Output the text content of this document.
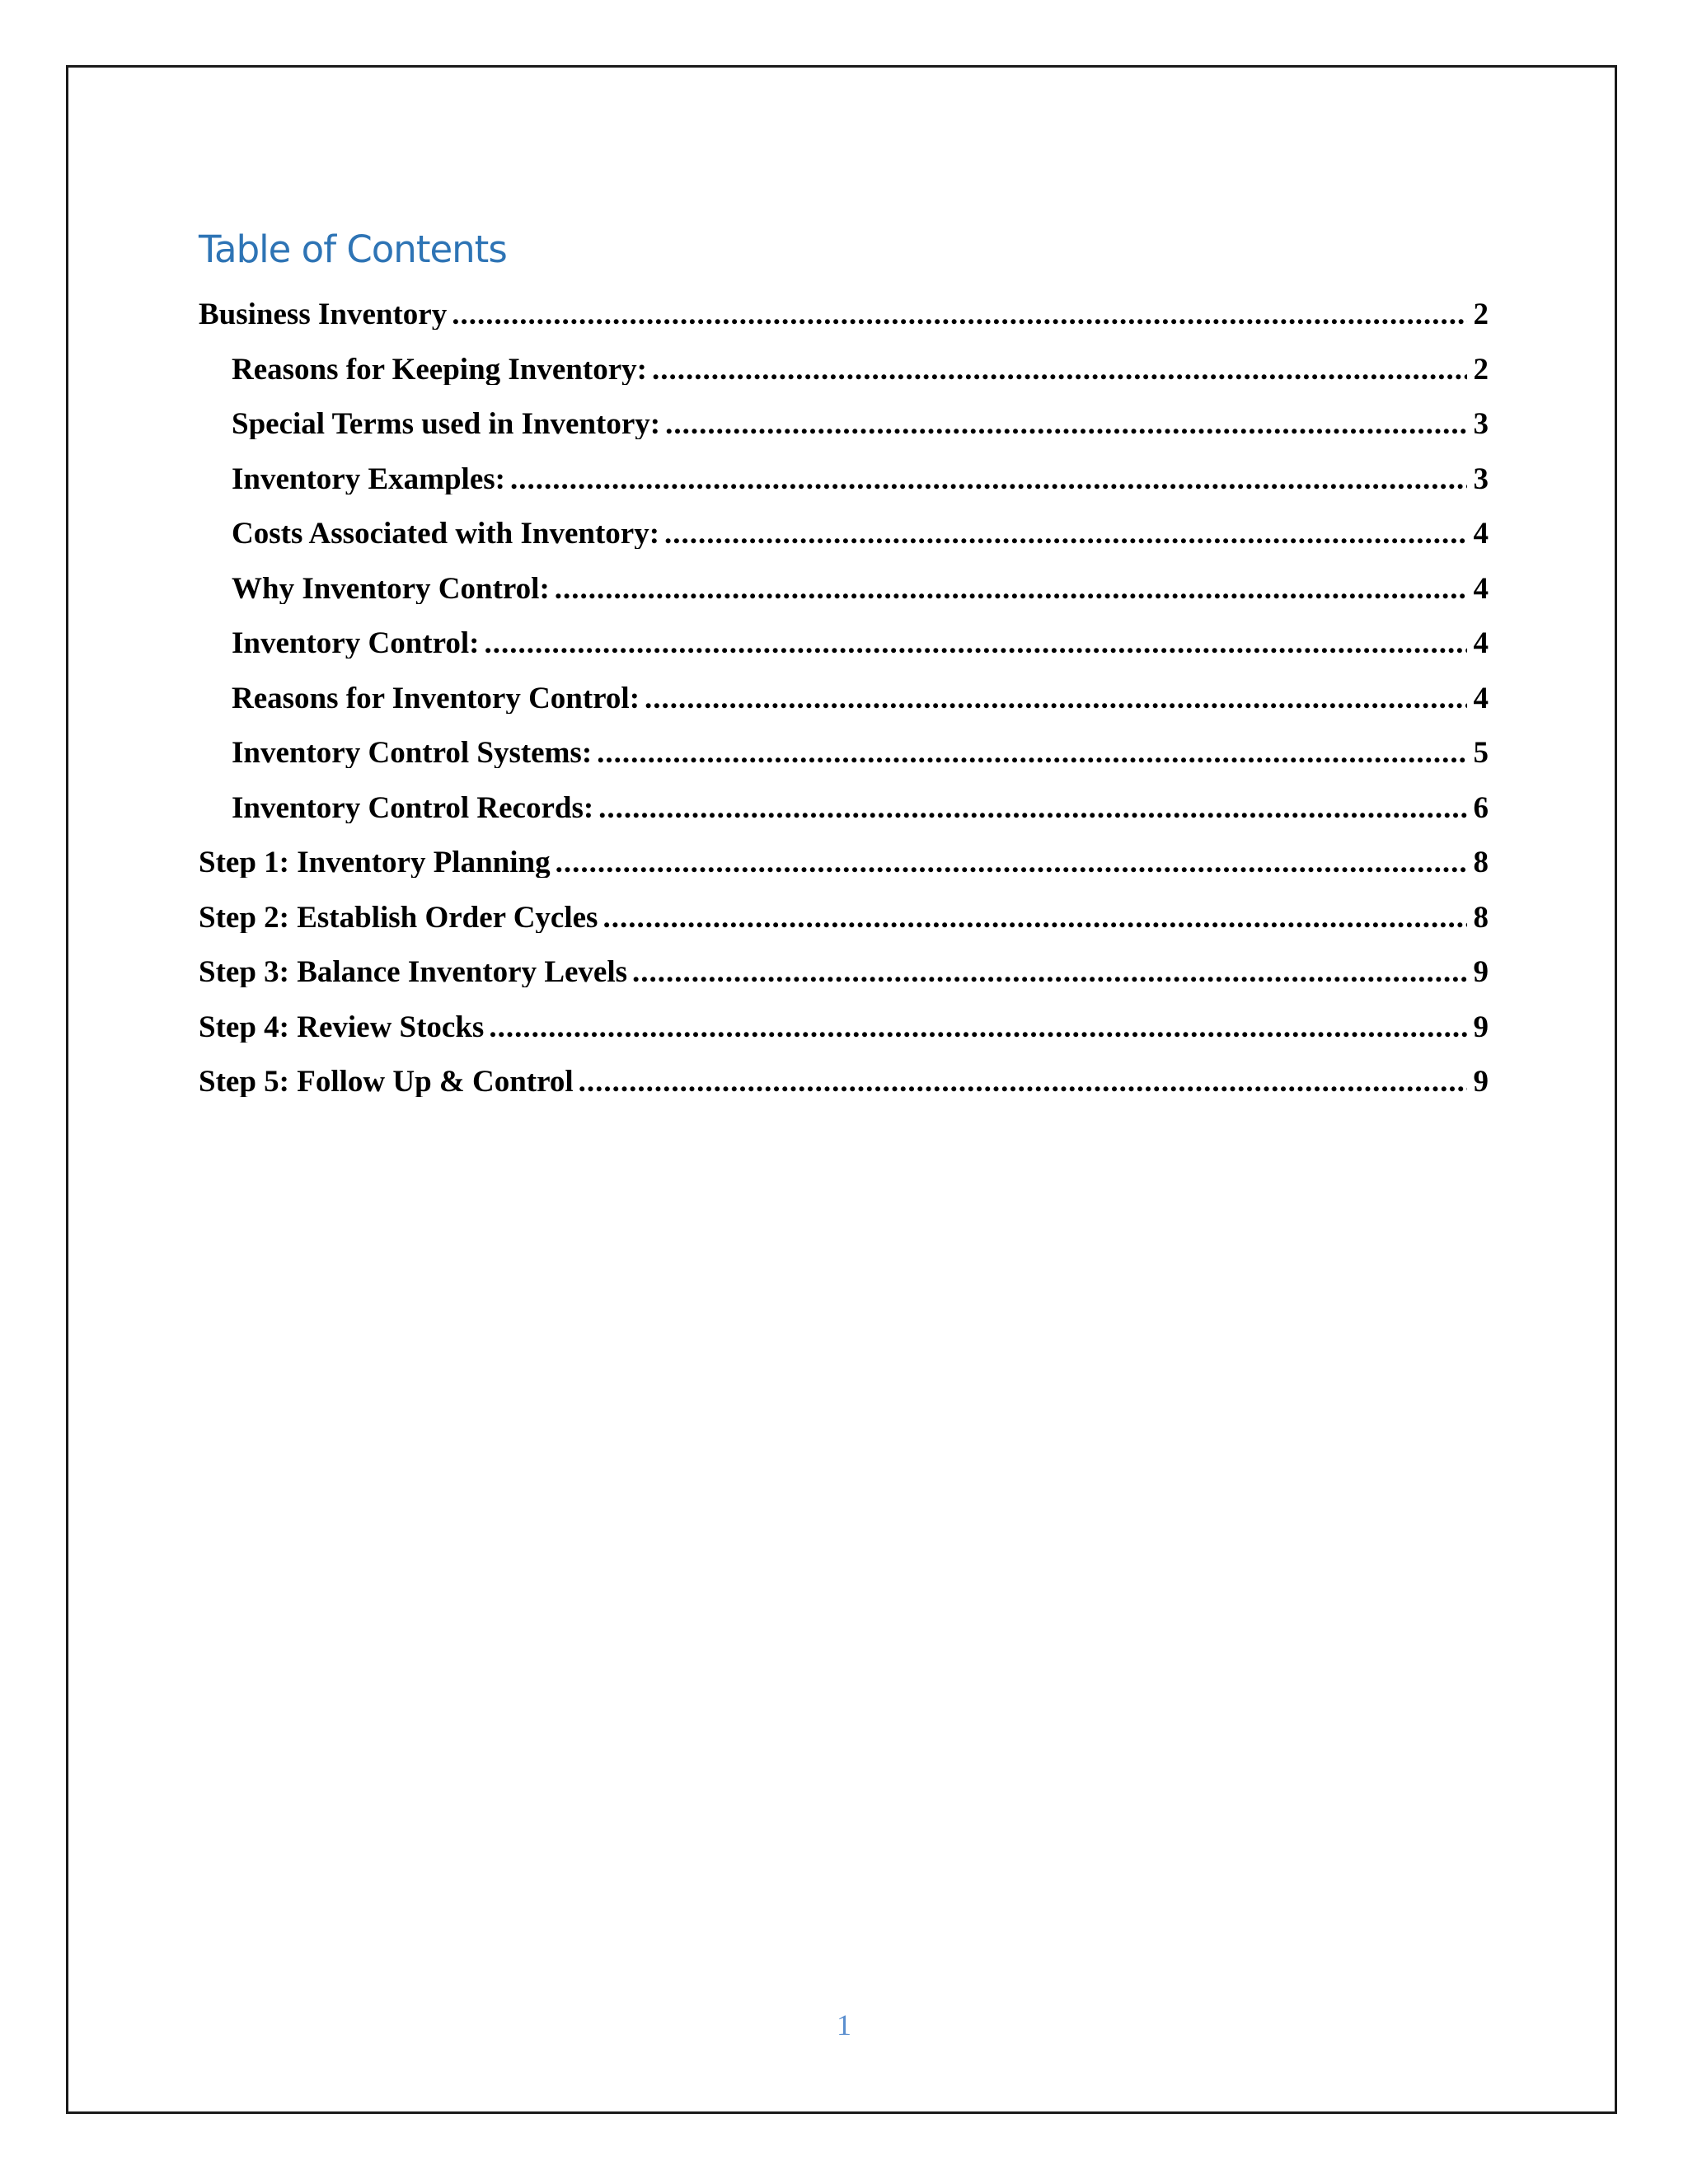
Table of Contents
Business Inventory .....	2
Reasons for Keeping Inventory: .....	2
Special Terms used in Inventory: .....	3
Inventory Examples: .....	3
Costs Associated with Inventory: .....	4
Why Inventory Control: .....	4
Inventory Control: .....	4
Reasons for Inventory Control: .....	4
Inventory Control Systems: .....	5
Inventory Control Records: .....	6
Step 1: Inventory Planning .....	8
Step 2: Establish Order Cycles .....	8
Step 3: Balance Inventory Levels .....	9
Step 4: Review Stocks .....	9
Step 5: Follow Up & Control .....	9
1
